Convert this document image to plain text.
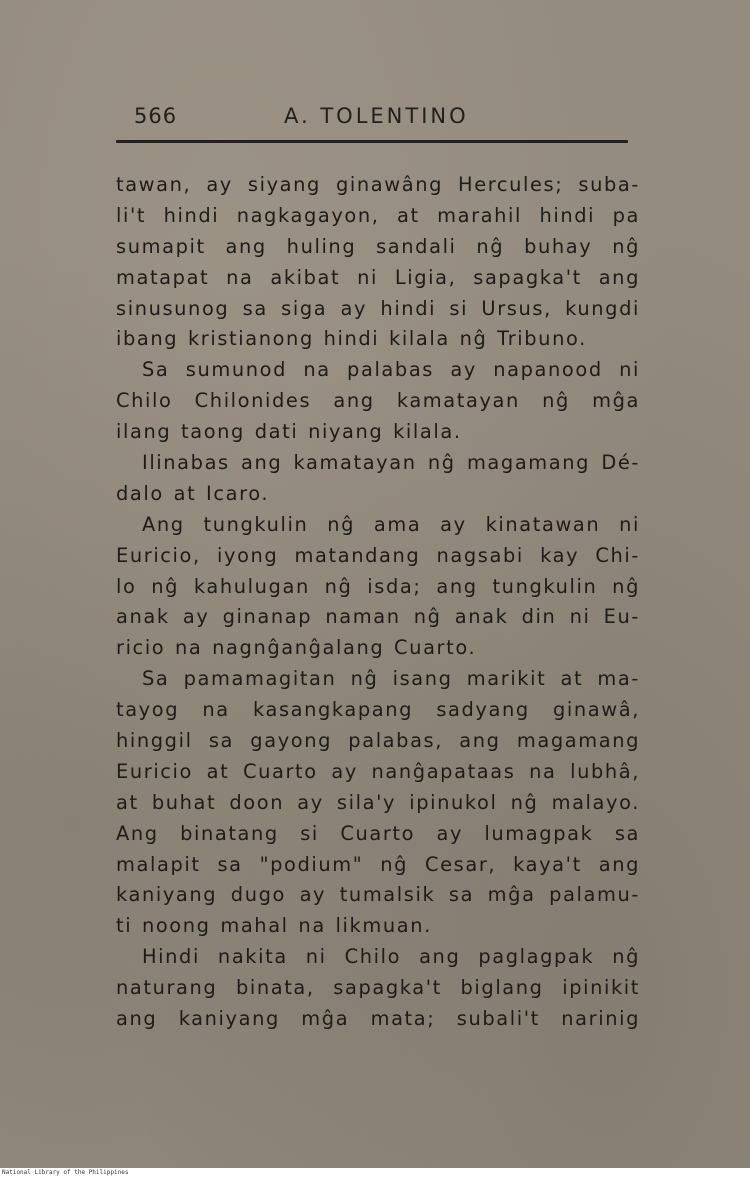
566	A. TOLENTINO
tawan, ay siyang ginawâng Hercules; suba-
li't hindi nagkagayon, at marahil hindi pa
sumapit ang huling sandali nĝ buhay nĝ
matapat na akibat ni Ligia, sapagka't ang
sinusunog sa siga ay hindi si Ursus, kungdi
ibang kristianong hindi kilala nĝ Tribuno.
Sa sumunod na palabas ay napanood ni
Chilo Chilonides ang kamatayan nĝ mĝa
ilang taong dati niyang kilala.
Ilinabas ang kamatayan nĝ magamang Dé-
dalo at Icaro.
Ang tungkulin nĝ ama ay kinatawan ni
Euricio, iyong matandang nagsabi kay Chi-
lo nĝ kahulugan nĝ isda; ang tungkulin nĝ
anak ay ginanap naman nĝ anak din ni Eu-
ricio na nagnĝanĝalang Cuarto.
Sa pamamagitan nĝ isang marikit at ma-
tayog na kasangkapang sadyang ginawâ,
hinggil sa gayong palabas, ang magamang
Euricio at Cuarto ay nanĝapataas na lubhâ,
at buhat doon ay sila'y ipinukol nĝ malayo.
Ang binatang si Cuarto ay lumagpak sa
malapit sa "podium" nĝ Cesar, kaya't ang
kaniyang dugo ay tumalsik sa mĝa palamu-
ti noong mahal na likmuan.
Hindi nakita ni Chilo ang paglagpak nĝ
naturang binata, sapagka't biglang ipinikit
ang kaniyang mĝa mata; subali't narinig
National Library of the Philippines
